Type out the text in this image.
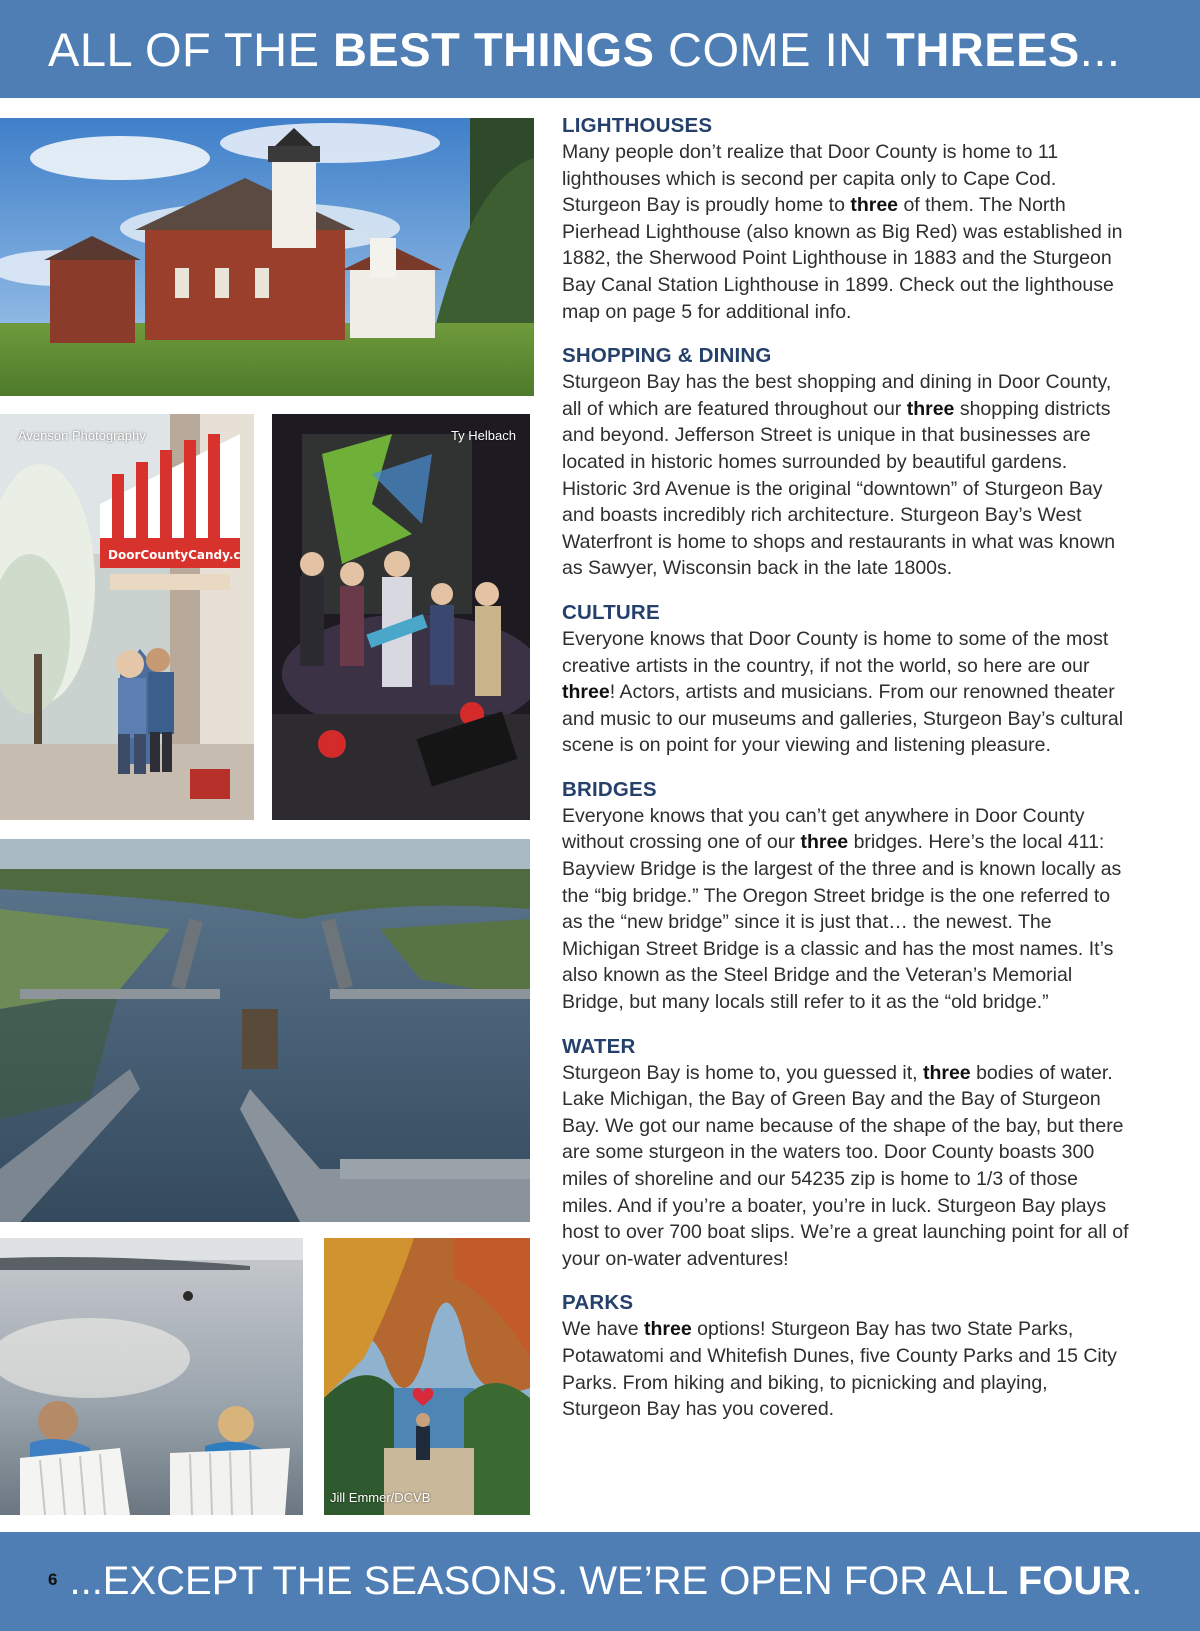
ALL OF THE BEST THINGS COME IN THREES...
DoorCountyCandy.c
Avenson Photography	Ty Helbach
Jill Emmer/DCVB
LIGHTHOUSES

Many people don’t realize that Door County is home to 11 lighthouses which is second per capita only to Cape Cod. Sturgeon Bay is proudly home to three of them. The North Pierhead Lighthouse (also known as Big Red) was established in 1882, the Sherwood Point Lighthouse in 1883 and the Sturgeon Bay Canal Station Lighthouse in 1899. Check out the lighthouse map on page 5 for additional info.

SHOPPING & DINING

Sturgeon Bay has the best shopping and dining in Door County, all of which are featured throughout our three shopping districts and beyond. Jefferson Street is unique in that businesses are located in historic homes surrounded by beautiful gardens. Historic 3rd Avenue is the original “downtown” of Sturgeon Bay and boasts incredibly rich architecture. Sturgeon Bay’s West Waterfront is home to shops and restaurants in what was known as Sawyer, Wisconsin back in the late 1800s.

CULTURE

Everyone knows that Door County is home to some of the most creative artists in the country, if not the world, so here are our three! Actors, artists and musicians. From our renowned theater and music to our museums and galleries, Sturgeon Bay’s cultural scene is on point for your viewing and listening pleasure.

BRIDGES

Everyone knows that you can’t get anywhere in Door County without crossing one of our three bridges. Here’s the local 411: Bayview Bridge is the largest of the three and is known locally as the “big bridge.” The Oregon Street bridge is the one referred to as the “new bridge” since it is just that… the newest. The Michigan Street Bridge is a classic and has the most names. It’s also known as the Steel Bridge and the Veteran’s Memorial Bridge, but many locals still refer to it as the “old bridge.”

WATER

Sturgeon Bay is home to, you guessed it, three bodies of water. Lake Michigan, the Bay of Green Bay and the Bay of Sturgeon Bay. We got our name because of the shape of the bay, but there are some sturgeon in the waters too. Door County boasts 300 miles of shoreline and our 54235 zip is home to 1/3 of those miles. And if you’re a boater, you’re in luck. Sturgeon Bay plays host to over 700 boat slips. We’re a great launching point for all of your on-water adventures!

PARKS

We have three options! Sturgeon Bay has two State Parks, Potawatomi and Whitefish Dunes, five County Parks and 15 City Parks. From hiking and biking, to picnicking and playing, Sturgeon Bay has you covered.

6 ...EXCEPT THE SEASONS. WE’RE OPEN FOR ALL FOUR.
